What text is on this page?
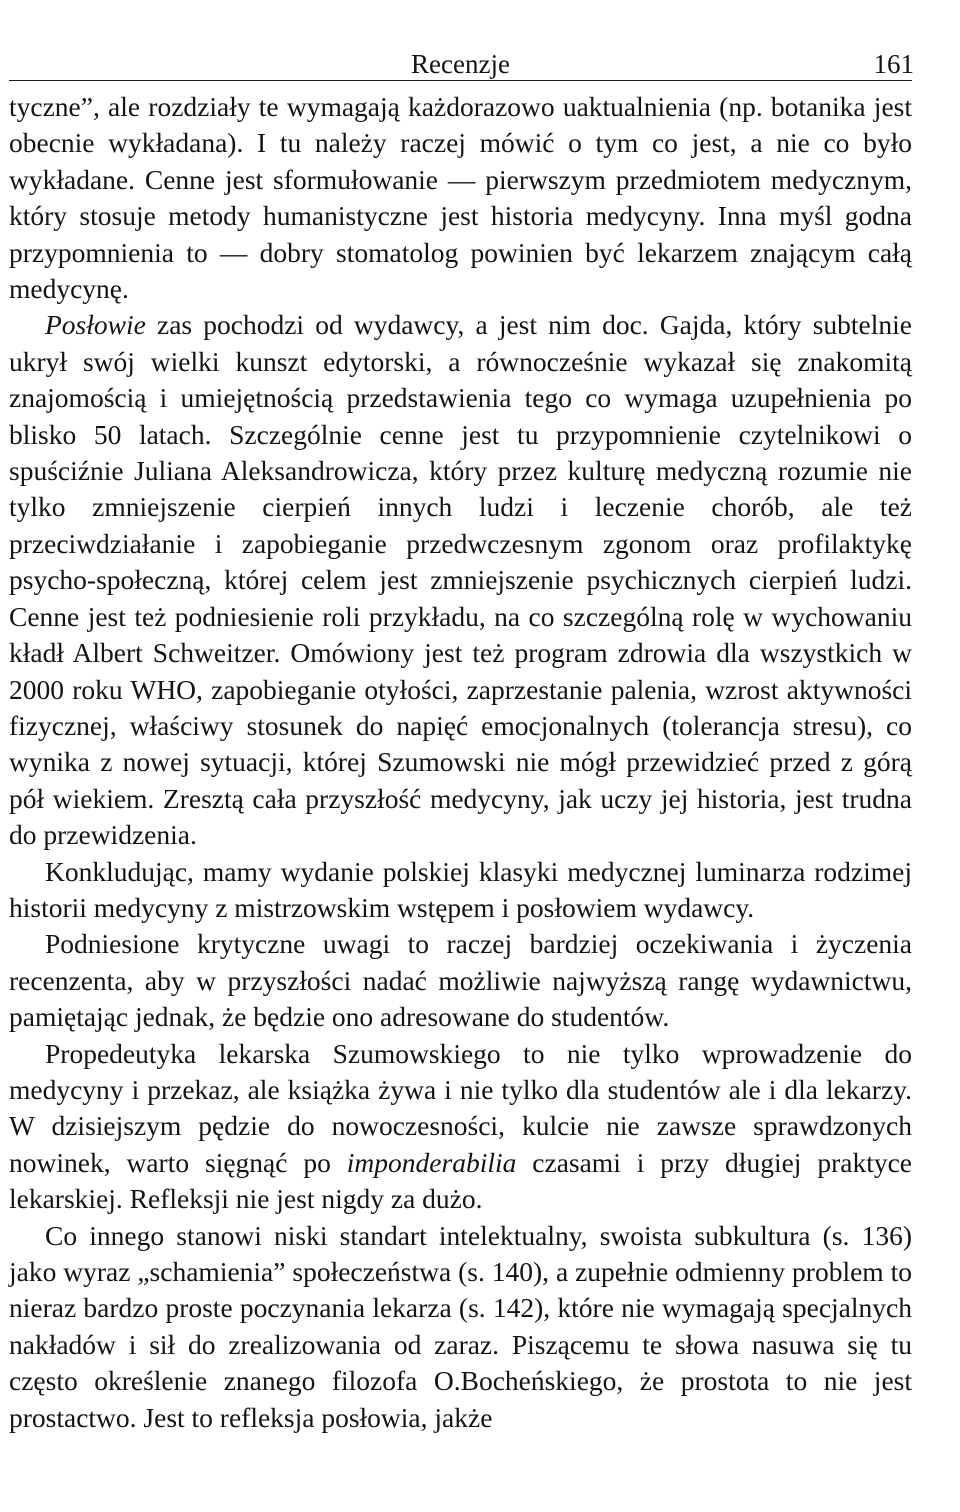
Recenzje	161

tyczne”, ale rozdziały te wymagają każdorazowo uaktualnienia (np. botanika jest obecnie wykładana). I tu należy raczej mówić o tym co jest, a nie co było wykładane. Cenne jest sformułowanie — pierwszym przedmiotem medycznym, który stosuje metody humanistyczne jest historia medycyny. Inna myśl godna przypomnienia to — dobry stomatolog powinien być lekarzem znającym całą medycynę.

Posłowie zas pochodzi od wydawcy, a jest nim doc. Gajda, który subtelnie ukrył swój wielki kunszt edytorski, a równocześnie wykazał się znakomitą znajomością i umiejętnością przedstawienia tego co wymaga uzupełnienia po blisko 50 latach. Szczególnie cenne jest tu przypomnienie czytelnikowi o spuściźnie Juliana Aleksandrowicza, który przez kulturę medyczną rozumie nie tylko zmniejszenie cierpień innych ludzi i leczenie chorób, ale też przeciwdziałanie i zapobieganie przedwczesnym zgonom oraz profilaktykę psycho-społeczną, której celem jest zmniejszenie psychicznych cierpień ludzi. Cenne jest też podniesienie roli przykładu, na co szczególną rolę w wychowaniu kładł Albert Schweitzer. Omówiony jest też program zdrowia dla wszystkich w 2000 roku WHO, zapobieganie otyłości, zaprzestanie palenia, wzrost aktywności fizycznej, właściwy stosunek do napięć emocjonalnych (tolerancja stresu), co wynika z nowej sytuacji, której Szumowski nie mógł przewidzieć przed z górą pół wiekiem. Zresztą cała przyszłość medycyny, jak uczy jej historia, jest trudna do przewidzenia.

Konkludując, mamy wydanie polskiej klasyki medycznej luminarza rodzimej historii medycyny z mistrzowskim wstępem i posłowiem wydawcy.

Podniesione krytyczne uwagi to raczej bardziej oczekiwania i życzenia recenzenta, aby w przyszłości nadać możliwie najwyższą rangę wydawnictwu, pamiętając jednak, że będzie ono adresowane do studentów.

Propedeutyka lekarska Szumowskiego to nie tylko wprowadzenie do medycyny i przekaz, ale książka żywa i nie tylko dla studentów ale i dla lekarzy. W dzisiejszym pędzie do nowoczesności, kulcie nie zawsze sprawdzonych nowinek, warto sięgnąć po imponderabilia czasami i przy długiej praktyce lekarskiej. Refleksji nie jest nigdy za dużo.

Co innego stanowi niski standart intelektualny, swoista subkultura (s. 136) jako wyraz „schamienia” społeczeństwa (s. 140), a zupełnie odmienny problem to nieraz bardzo proste poczynania lekarza (s. 142), które nie wymagają specjalnych nakładów i sił do zrealizowania od zaraz. Piszącemu te słowa nasuwa się tu często określenie znanego filozofa O.Bocheńskiego, że prostota to nie jest prostactwo. Jest to refleksja posłowia, jakże
